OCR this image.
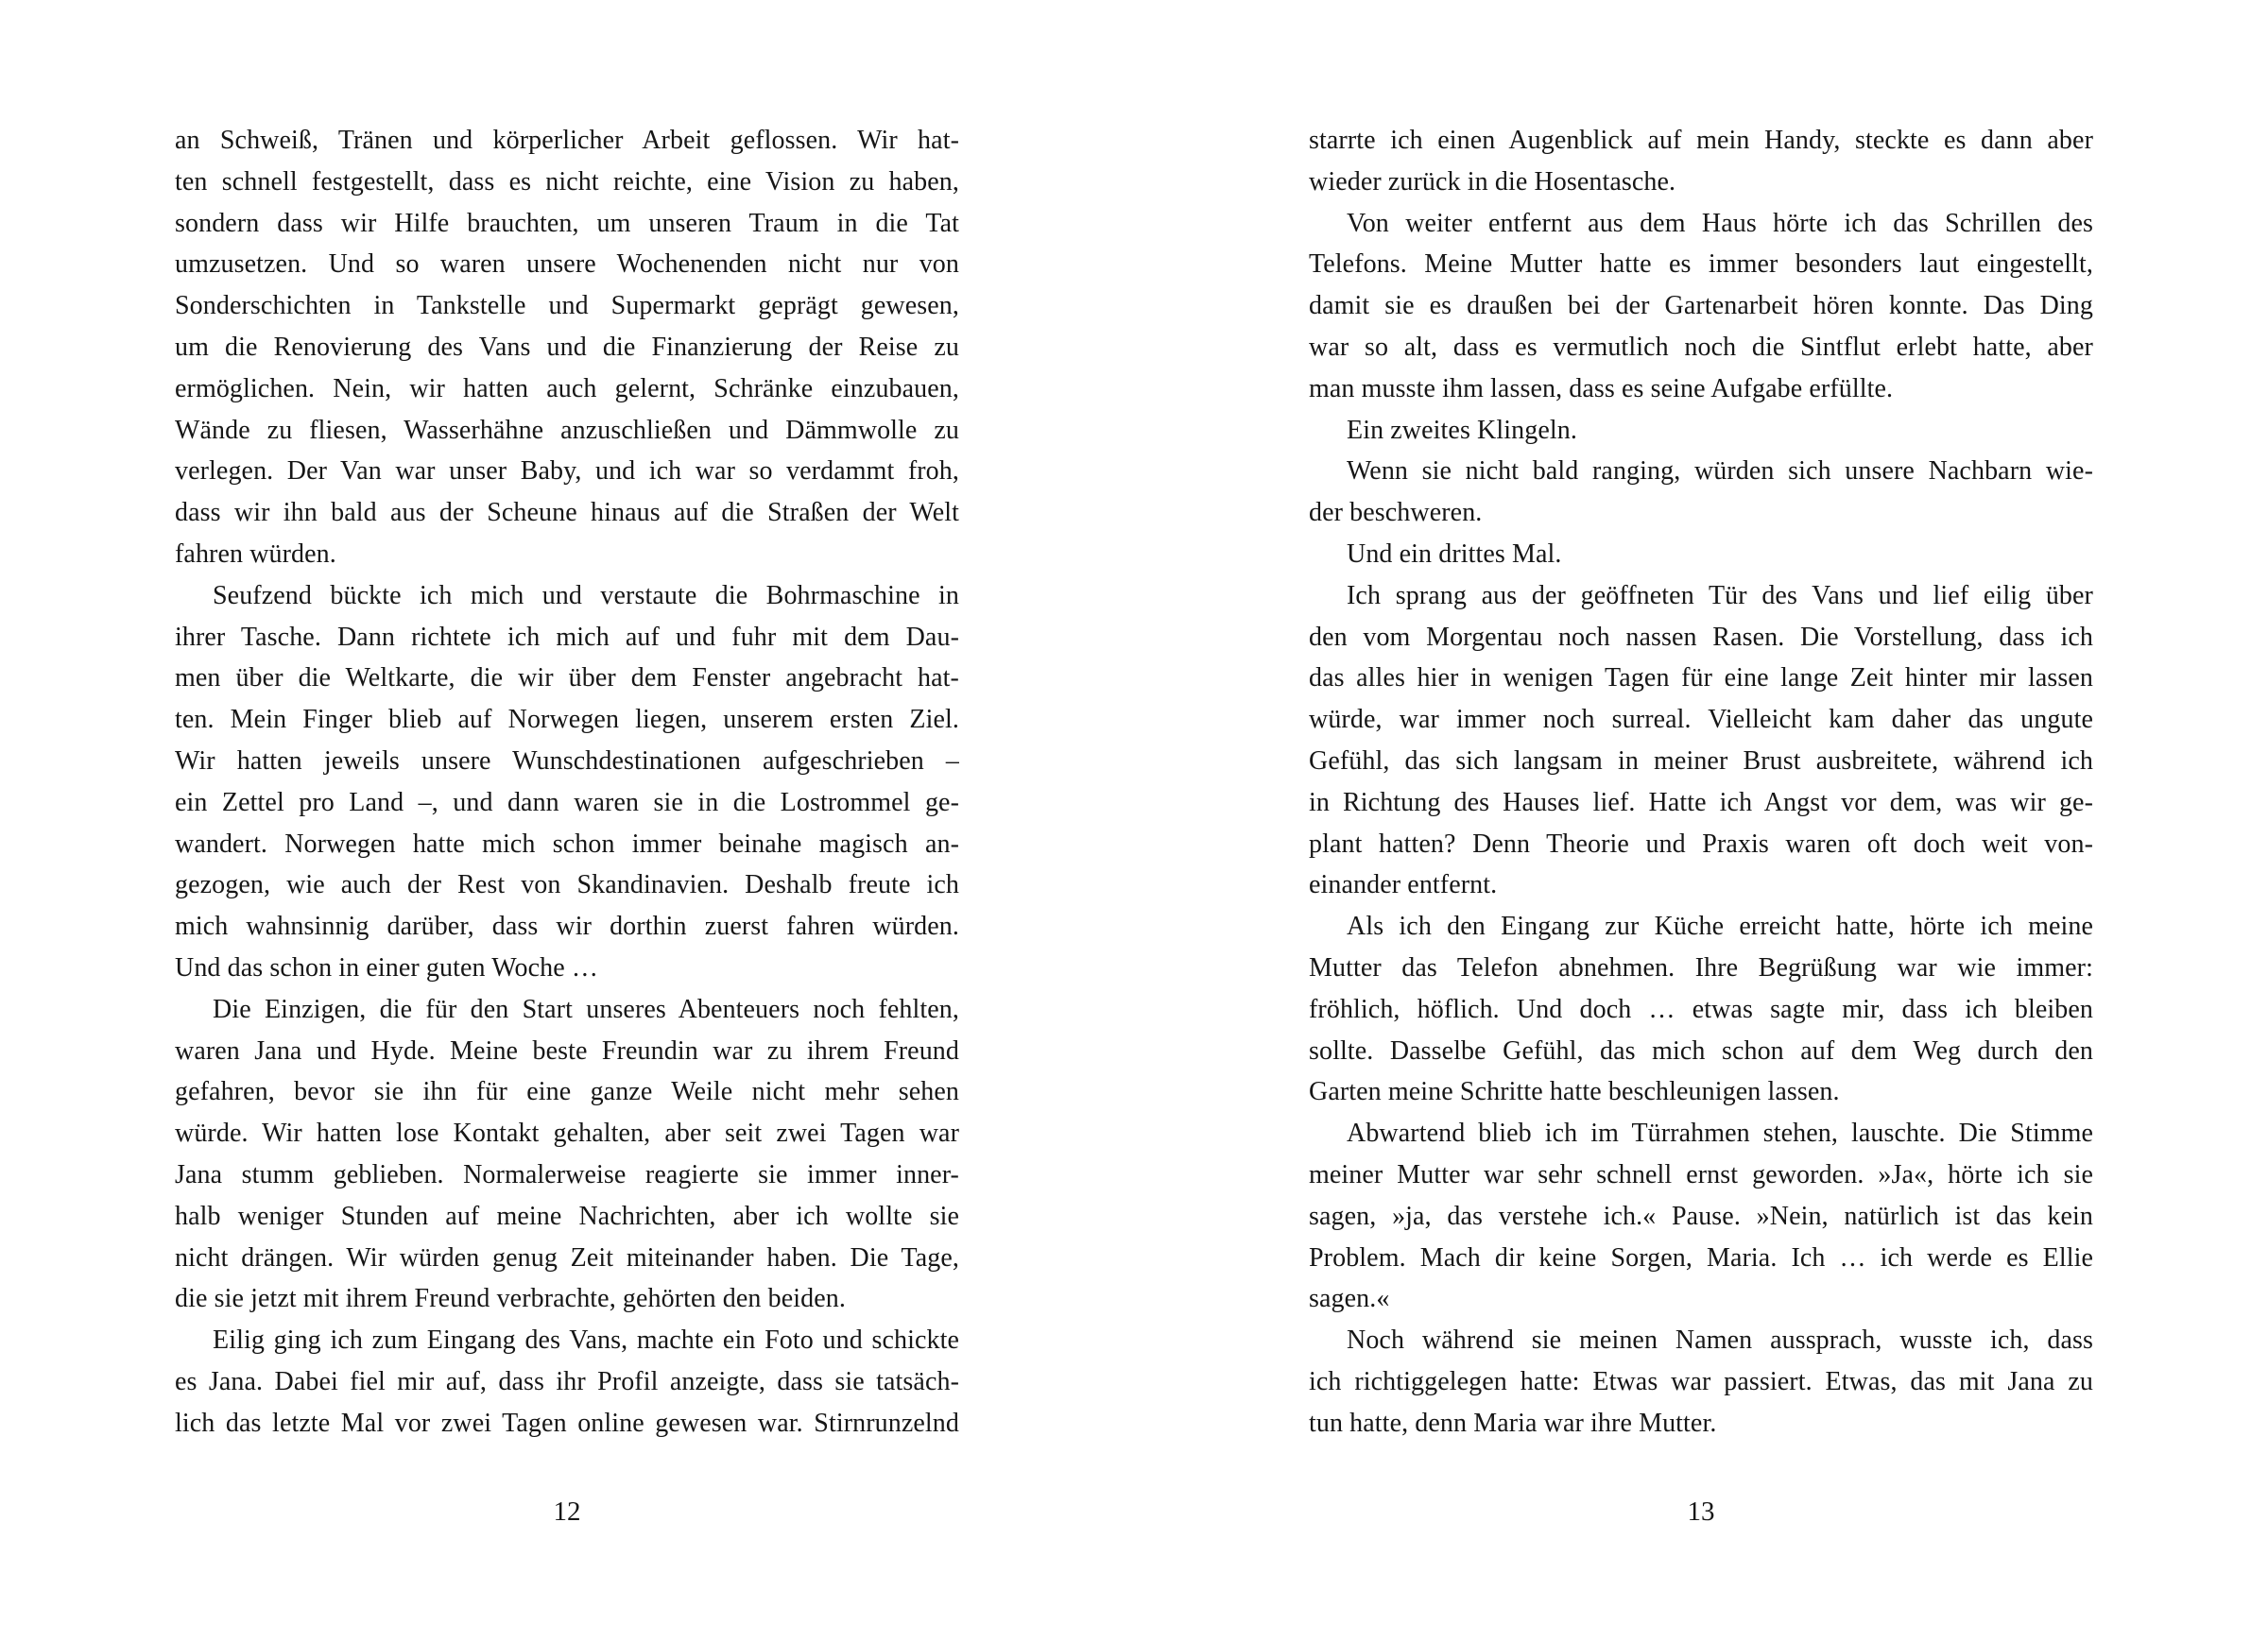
an Schweiß, Tränen und körperlicher Arbeit geflossen. Wir hat-
ten schnell festgestellt, dass es nicht reichte, eine Vision zu haben,
sondern dass wir Hilfe brauchten, um unseren Traum in die Tat
umzusetzen. Und so waren unsere Wochenenden nicht nur von
Sonderschichten in Tankstelle und Supermarkt geprägt gewesen,
um die Renovierung des Vans und die Finanzierung der Reise zu
ermöglichen. Nein, wir hatten auch gelernt, Schränke einzubauen,
Wände zu fliesen, Wasserhähne anzuschließen und Dämmwolle zu
verlegen. Der Van war unser Baby, und ich war so verdammt froh,
dass wir ihn bald aus der Scheune hinaus auf die Straßen der Welt
fahren würden.
Seufzend bückte ich mich und verstaute die Bohrmaschine in
ihrer Tasche. Dann richtete ich mich auf und fuhr mit dem Dau-
men über die Weltkarte, die wir über dem Fenster angebracht hat-
ten. Mein Finger blieb auf Norwegen liegen, unserem ersten Ziel.
Wir hatten jeweils unsere Wunschdestinationen aufgeschrieben –
ein Zettel pro Land –, und dann waren sie in die Lostrommel ge-
wandert. Norwegen hatte mich schon immer beinahe magisch an-
gezogen, wie auch der Rest von Skandinavien. Deshalb freute ich
mich wahnsinnig darüber, dass wir dorthin zuerst fahren würden.
Und das schon in einer guten Woche …
Die Einzigen, die für den Start unseres Abenteuers noch fehlten,
waren Jana und Hyde. Meine beste Freundin war zu ihrem Freund
gefahren, bevor sie ihn für eine ganze Weile nicht mehr sehen
würde. Wir hatten lose Kontakt gehalten, aber seit zwei Tagen war
Jana stumm geblieben. Normalerweise reagierte sie immer inner-
halb weniger Stunden auf meine Nachrichten, aber ich wollte sie
nicht drängen. Wir würden genug Zeit miteinander haben. Die Tage,
die sie jetzt mit ihrem Freund verbrachte, gehörten den beiden.
Eilig ging ich zum Eingang des Vans, machte ein Foto und schickte
es Jana. Dabei fiel mir auf, dass ihr Profil anzeigte, dass sie tatsäch-
lich das letzte Mal vor zwei Tagen online gewesen war. Stirnrunzelnd
12
starrte ich einen Augenblick auf mein Handy, steckte es dann aber
wieder zurück in die Hosentasche.
Von weiter entfernt aus dem Haus hörte ich das Schrillen des
Telefons. Meine Mutter hatte es immer besonders laut eingestellt,
damit sie es draußen bei der Gartenarbeit hören konnte. Das Ding
war so alt, dass es vermutlich noch die Sintflut erlebt hatte, aber
man musste ihm lassen, dass es seine Aufgabe erfüllte.
Ein zweites Klingeln.
Wenn sie nicht bald ranging, würden sich unsere Nachbarn wie-
der beschweren.
Und ein drittes Mal.
Ich sprang aus der geöffneten Tür des Vans und lief eilig über
den vom Morgentau noch nassen Rasen. Die Vorstellung, dass ich
das alles hier in wenigen Tagen für eine lange Zeit hinter mir lassen
würde, war immer noch surreal. Vielleicht kam daher das ungute
Gefühl, das sich langsam in meiner Brust ausbreitete, während ich
in Richtung des Hauses lief. Hatte ich Angst vor dem, was wir ge-
plant hatten? Denn Theorie und Praxis waren oft doch weit von-
einander entfernt.
Als ich den Eingang zur Küche erreicht hatte, hörte ich meine
Mutter das Telefon abnehmen. Ihre Begrüßung war wie immer:
fröhlich, höflich. Und doch … etwas sagte mir, dass ich bleiben
sollte. Dasselbe Gefühl, das mich schon auf dem Weg durch den
Garten meine Schritte hatte beschleunigen lassen.
Abwartend blieb ich im Türrahmen stehen, lauschte. Die Stimme
meiner Mutter war sehr schnell ernst geworden. »Ja«, hörte ich sie
sagen, »ja, das verstehe ich.« Pause. »Nein, natürlich ist das kein
Problem. Mach dir keine Sorgen, Maria. Ich … ich werde es Ellie
sagen.«
Noch während sie meinen Namen aussprach, wusste ich, dass
ich richtiggelegen hatte: Etwas war passiert. Etwas, das mit Jana zu
tun hatte, denn Maria war ihre Mutter.
13
